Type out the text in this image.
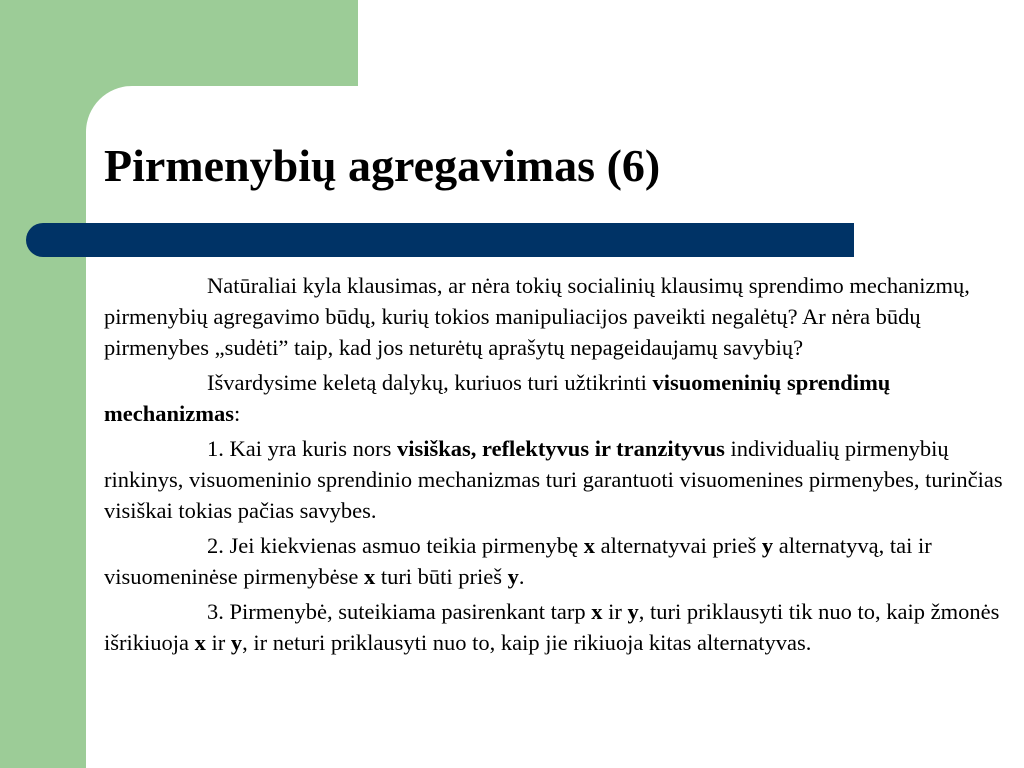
Pirmenybių agregavimas (6)

Natūraliai kyla klausimas, ar nėra tokių socialinių klausimų sprendimo mechanizmų, pirmenybių agregavimo būdų, kurių tokios manipuliacijos paveikti negalėtų? Ar nėra būdų pirmenybes „sudėti” taip, kad jos neturėtų aprašytų nepageidaujamų savybių?

Išvardysime keletą dalykų, kuriuos turi užtikrinti visuomeninių sprendimų mechanizmas:

1. Kai yra kuris nors visiškas, reflektyvus ir tranzityvus individualių pirmenybių rinkinys, visuomeninio sprendinio mechanizmas turi garantuoti visuomenines pirmenybes, turinčias visiškai tokias pačias savybes.

2. Jei kiekvienas asmuo teikia pirmenybę x alternatyvai prieš y alternatyvą, tai ir visuomeninėse pirmenybėse x turi būti prieš y.

3. Pirmenybė, suteikiama pasirenkant tarp x ir y, turi priklausyti tik nuo to, kaip žmonės išrikiuoja x ir y, ir neturi priklausyti nuo to, kaip jie rikiuoja kitas alternatyvas.
